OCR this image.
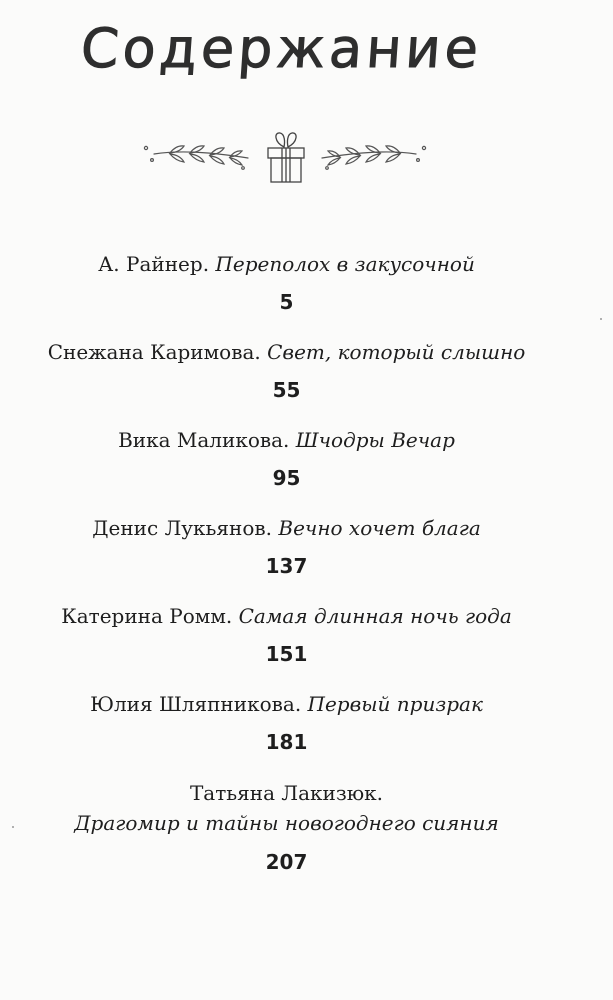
Содержание
А. Райнер. Переполох в закусочной
5
Снежана Каримова. Свет, который слышно
55
Вика Маликова. Шчодры Вечар
95
Денис Лукьянов. Вечно хочет блага
137
Катерина Ромм. Самая длинная ночь года
151
Юлия Шляпникова. Первый призрак
181
Татьяна Лакизюк.
Драгомир и тайны новогоднего сияния
207
